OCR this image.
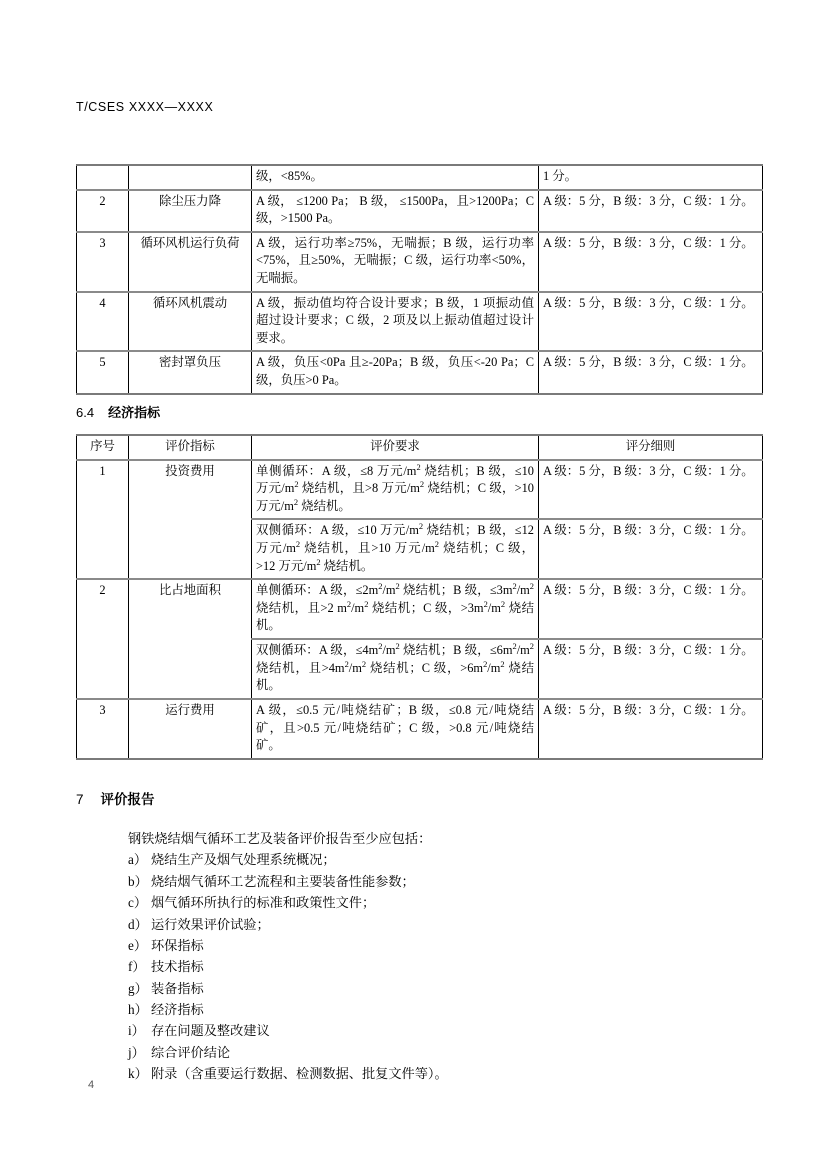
T/CSES XXXX—XXXX
		级，<85%。	1 分。
2	除尘压力降	A 级， ≤1200 Pa； B 级， ≤1500Pa，且>1200Pa；C 级，>1500 Pa。	A 级：5 分，B 级：3 分，C 级：1 分。
3	循环风机运行负荷	A 级，运行功率≥75%，无喘振；B 级，运行功率<75%，且≥50%，无喘振；C 级，运行功率<50%，无喘振。	A 级：5 分，B 级：3 分，C 级：1 分。
4	循环风机震动	A 级，振动值均符合设计要求；B 级，1 项振动值超过设计要求；C 级，2 项及以上振动值超过设计要求。	A 级：5 分，B 级：3 分，C 级：1 分。
5	密封罩负压	A 级，负压<0Pa 且≥-20Pa；B 级，负压<-20 Pa；C 级，负压>0 Pa。	A 级：5 分，B 级：3 分，C 级：1 分。
6.4 经济指标
序号	评价指标	评价要求	评分细则
1	投资费用	单侧循环：A 级，≤8 万元$/m^2$ 烧结机；B 级，≤10 万元$/m^2$ 烧结机，且>8 万元$/m^2$ 烧结机；C 级，>10 万元$/m^2$ 烧结机。	A 级：5 分，B 级：3 分，C 级：1 分。
		双侧循环：A 级，≤10 万元$/m^2$ 烧结机；B 级，≤12 万元$/m^2$ 烧结机，且>10 万元$/m^2$ 烧结机；C 级，>12 万元$/m^2$ 烧结机。	A 级：5 分，B 级：3 分，C 级：1 分。
2	比占地面积	单侧循环：A 级，$\le 2m^2/m^2$ 烧结机；B 级，$\le 3m^2/m^2$ 烧结机，且>2 $m^2/m^2$ 烧结机；C 级，$>3m^2/m^2$ 烧结机。	A 级：5 分，B 级：3 分，C 级：1 分。
		双侧循环：A 级，$\le 4m^2/m^2$ 烧结机；B 级，$\le 6m^2/m^2$ 烧结机，且$>4m^2/m^2$ 烧结机；C 级，$>6m^2/m^2$ 烧结机。	A 级：5 分，B 级：3 分，C 级：1 分。
3	运行费用	A 级，≤0.5 元/吨烧结矿；B 级，≤0.8 元/吨烧结矿，且>0.5 元/吨烧结矿；C 级，>0.8 元/吨烧结矿。	A 级：5 分，B 级：3 分，C 级：1 分。
7 评价报告

钢铁烧结烟气循环工艺及装备评价报告至少应包括：

a） 烧结生产及烟气处理系统概况；
b） 烧结烟气循环工艺流程和主要装备性能参数；
c） 烟气循环所执行的标准和政策性文件；
d） 运行效果评价试验；
e） 环保指标
f） 技术指标
g） 装备指标
h） 经济指标
i） 存在问题及整改建议
j） 综合评价结论
k） 附录（含重要运行数据、检测数据、批复文件等）。
4
